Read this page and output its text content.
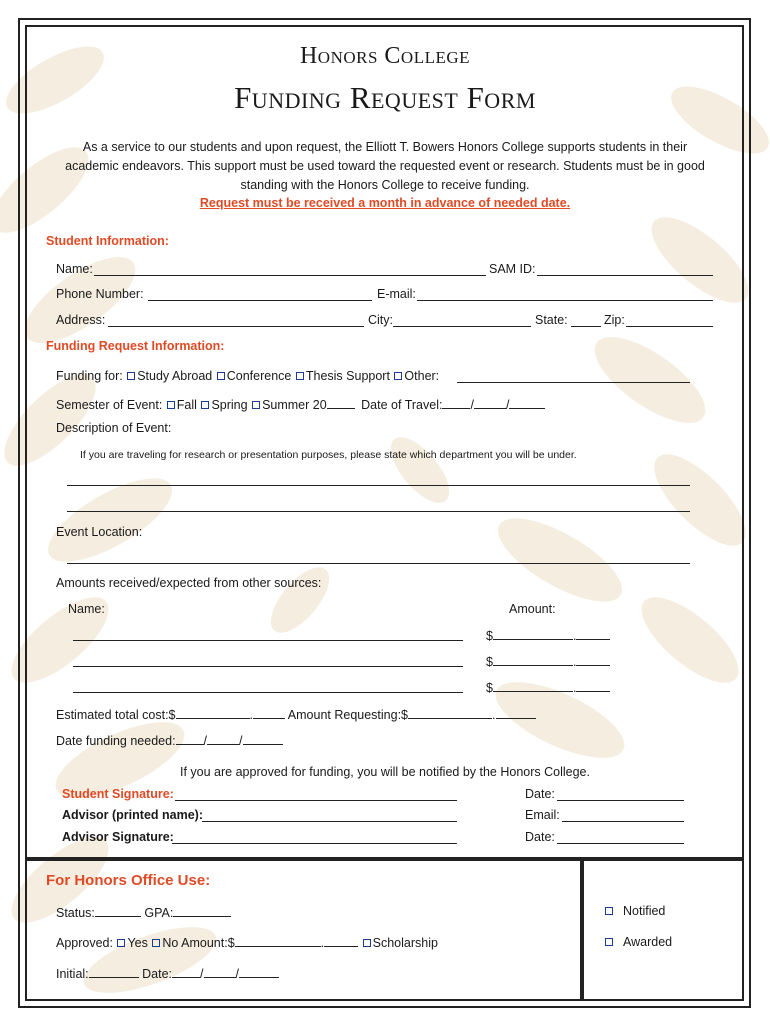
Honors College
Funding Request Form
As a service to our students and upon request, the Elliott T. Bowers Honors College supports students in their academic endeavors. This support must be used toward the requested event or research. Students must be in good standing with the Honors College to receive funding.
Request must be received a month in advance of needed date.
Student Information:
Name:	SAM ID:
Phone Number:	E-mail:
Address:	City:	State:	Zip:
Funding Request Information:
Funding for: Study Abroad Conference Thesis Support Other:
Semester of Event: Fall Spring Summer 20	Date of Travel: /	/
Description of Event:
If you are traveling for research or presentation purposes, please state which department you will be under.
Event Location:
Amounts received/expected from other sources:
Name:	Amount:
$	.
$	.
$	.
Estimated total cost:$	.	Amount Requesting:$	.
Date funding needed: /	/
If you are approved for funding, you will be notified by the Honors College.
Student Signature:	Date:
Advisor (printed name):	Email:
Advisor Signature:	Date:
For Honors Office Use:
Status:	GPA:
Approved: Yes No Amount:$	.	Scholarship
Initial:	Date: /	/
Notified
Awarded
